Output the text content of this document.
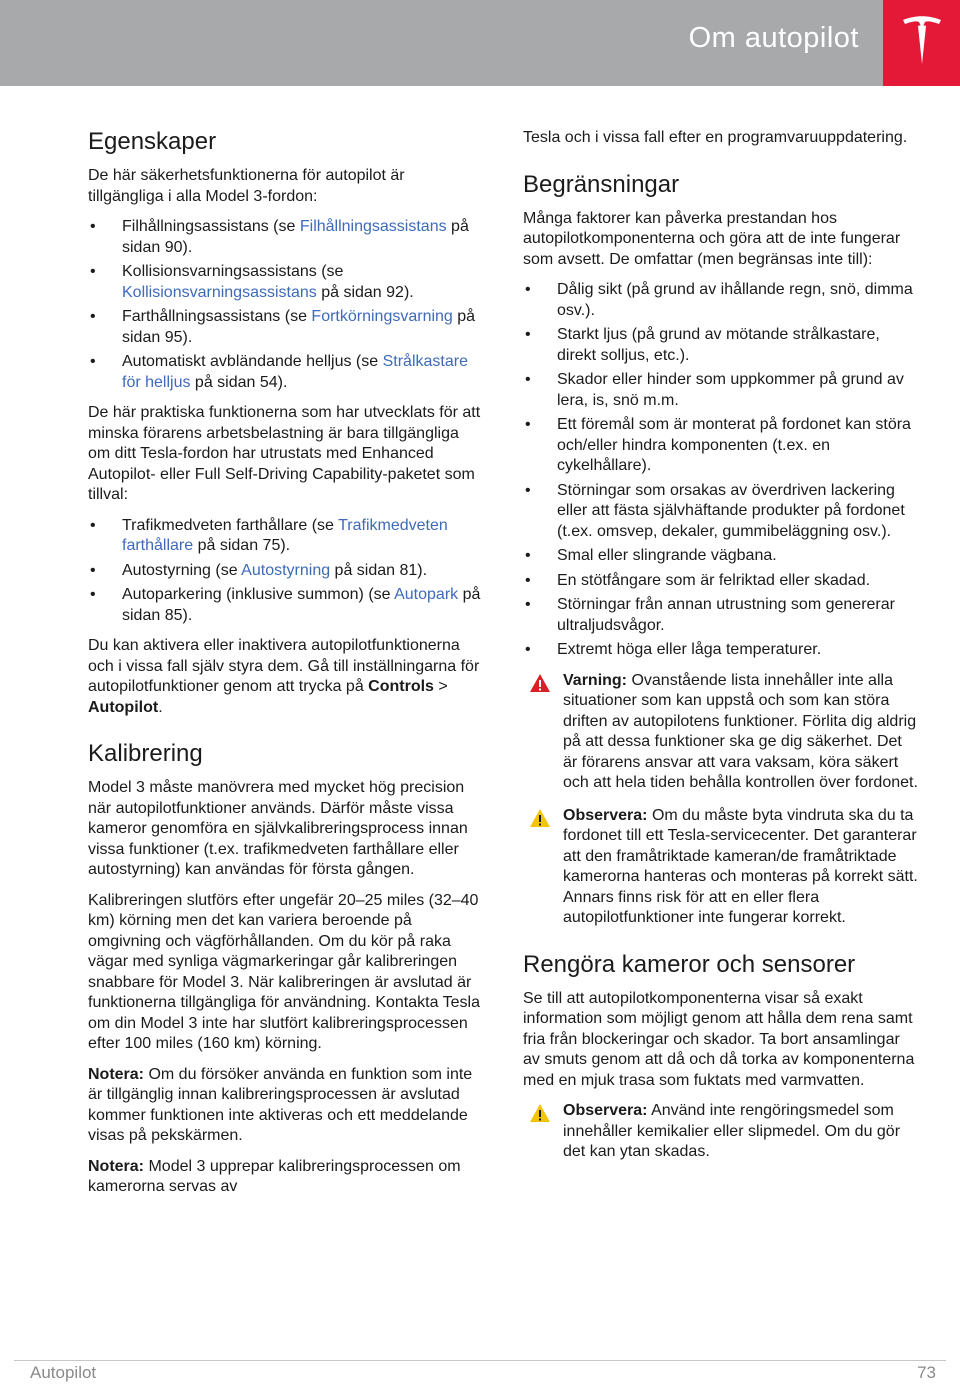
Om autopilot
Egenskaper

De här säkerhetsfunktionerna för autopilot är tillgängliga i alla Model 3-fordon:

• Filhållningsassistans (se Filhållningsassistans på sidan 90).
• Kollisionsvarningsassistans (se Kollisionsvarningsassistans på sidan 92).
• Farthållningsassistans (se Fortkörningsvarning på sidan 95).
• Automatiskt avbländande helljus (se Strålkastare för helljus på sidan 54).

De här praktiska funktionerna som har utvecklats för att minska förarens arbetsbelastning är bara tillgängliga om ditt Tesla-fordon har utrustats med Enhanced Autopilot- eller Full Self-Driving Capability-paketet som tillval:

• Trafikmedveten farthållare (se Trafikmedveten farthållare på sidan 75).
• Autostyrning (se Autostyrning på sidan 81).
• Autoparkering (inklusive summon) (se Autopark på sidan 85).

Du kan aktivera eller inaktivera autopilotfunktionerna och i vissa fall själv styra dem. Gå till inställningarna för autopilotfunktioner genom att trycka på Controls > Autopilot.

Kalibrering

Model 3 måste manövrera med mycket hög precision när autopilotfunktioner används. Därför måste vissa kameror genomföra en självkalibreringsprocess innan vissa funktioner (t.ex. trafikmedveten farthållare eller autostyrning) kan användas för första gången.

Kalibreringen slutförs efter ungefär 20–25 miles (32–40 km) körning men det kan variera beroende på omgivning och vägförhållanden. Om du kör på raka vägar med synliga vägmarkeringar går kalibreringen snabbare för Model 3. När kalibreringen är avslutad är funktionerna tillgängliga för användning. Kontakta Tesla om din Model 3 inte har slutfört kalibreringsprocessen efter 100 miles (160 km) körning.

Notera: Om du försöker använda en funktion som inte är tillgänglig innan kalibreringsprocessen är avslutad kommer funktionen inte aktiveras och ett meddelande visas på pekskärmen.

Notera: Model 3 upprepar kalibreringsprocessen om kamerorna servas av

Tesla och i vissa fall efter en programvaruuppdatering.

Begränsningar

Många faktorer kan påverka prestandan hos autopilotkomponenterna och göra att de inte fungerar som avsett. De omfattar (men begränsas inte till):

• Dålig sikt (på grund av ihållande regn, snö, dimma osv.).
• Starkt ljus (på grund av mötande strålkastare, direkt solljus, etc.).
• Skador eller hinder som uppkommer på grund av lera, is, snö m.m.
• Ett föremål som är monterat på fordonet kan störa och/eller hindra komponenten (t.ex. en cykelhållare).
• Störningar som orsakas av överdriven lackering eller att fästa självhäftande produkter på fordonet (t.ex. omsvep, dekaler, gummibeläggning osv.).
• Smal eller slingrande vägbana.
• En stötfångare som är felriktad eller skadad.
• Störningar från annan utrustning som genererar ultraljudsvågor.
• Extremt höga eller låga temperaturer.

Varning: Ovanstående lista innehåller inte alla situationer som kan uppstå och som kan störa driften av autopilotens funktioner. Förlita dig aldrig på att dessa funktioner ska ge dig säkerhet. Det är förarens ansvar att vara vaksam, köra säkert och att hela tiden behålla kontrollen över fordonet.

Observera: Om du måste byta vindruta ska du ta fordonet till ett Tesla-servicecenter. Det garanterar att den framåtriktade kameran/de framåtriktade kamerorna hanteras och monteras på korrekt sätt. Annars finns risk för att en eller flera autopilotfunktioner inte fungerar korrekt.

Rengöra kameror och sensorer

Se till att autopilotkomponenterna visar så exakt information som möjligt genom att hålla dem rena samt fria från blockeringar och skador. Ta bort ansamlingar av smuts genom att då och då torka av komponenterna med en mjuk trasa som fuktats med varmvatten.

Observera: Använd inte rengöringsmedel som innehåller kemikalier eller slipmedel. Om du gör det kan ytan skadas.

Autopilot	73
